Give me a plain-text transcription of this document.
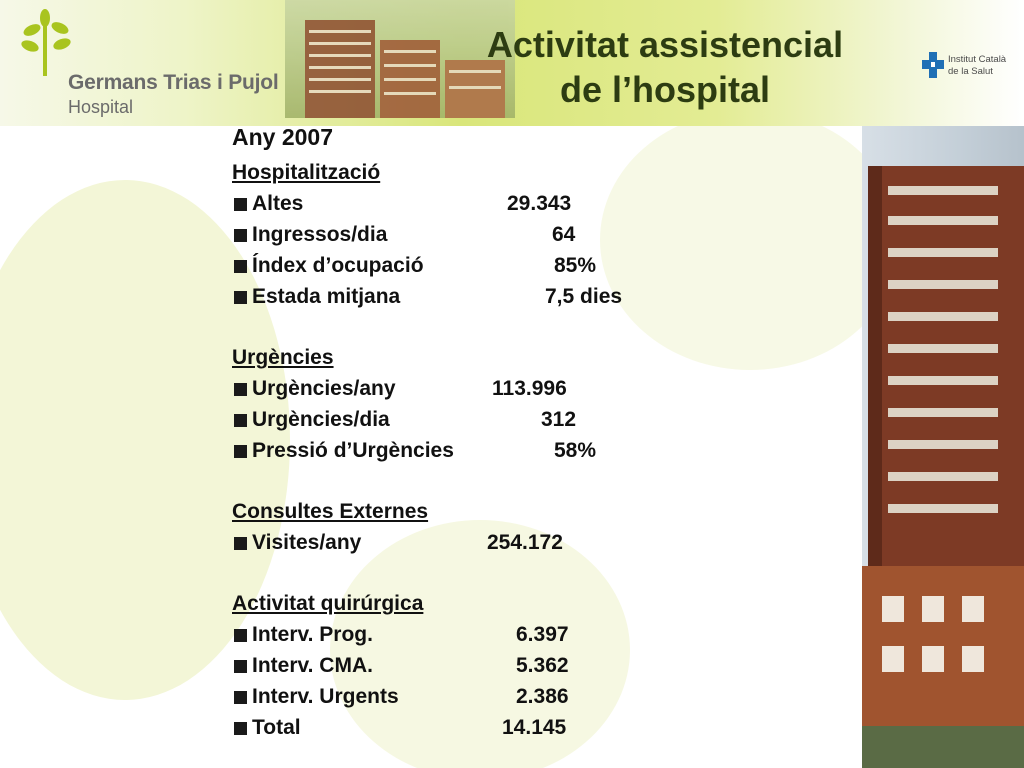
Germans Trias i Pujol
Hospital
Activitat assistencial
de l’hospital
Institut Català
de la Salut
Any 2007
Hospitalització
Altes	29.343
Ingressos/dia	64
Índex d’ocupació	85%
Estada mitjana	7,5 dies
Urgències
Urgències/any	113.996
Urgències/dia	312
Pressió d’Urgències	58%
Consultes Externes
Visites/any	254.172
Activitat quirúrgica
Interv. Prog.	6.397
Interv. CMA.	5.362
Interv. Urgents	2.386
Total	14.145
